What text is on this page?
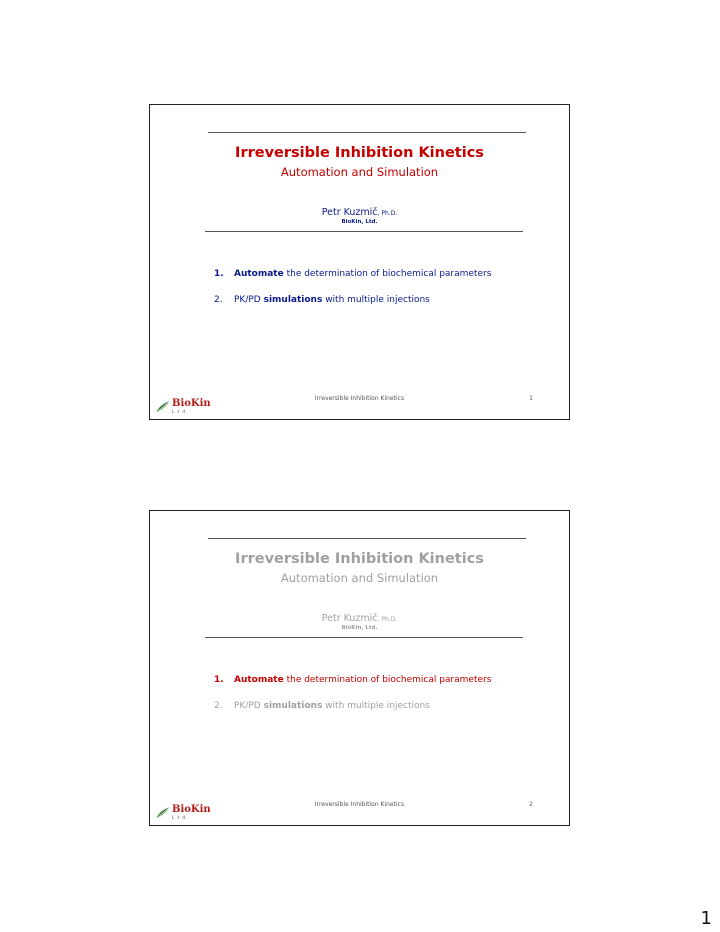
Irreversible Inhibition Kinetics
Automation and Simulation
Petr Kuzmič, Ph.D.
BioKin, Ltd.
1. Automate the determination of biochemical parameters
2. PK/PD simulations with multiple injections
BioKin
L t d.
Irreversible Inhibition Kinetics	1
Irreversible Inhibition Kinetics
Automation and Simulation
Petr Kuzmič, Ph.D.
BioKin, Ltd.
1. Automate the determination of biochemical parameters
2. PK/PD simulations with multiple injections
BioKin
L t d.
Irreversible Inhibition Kinetics	2
1
